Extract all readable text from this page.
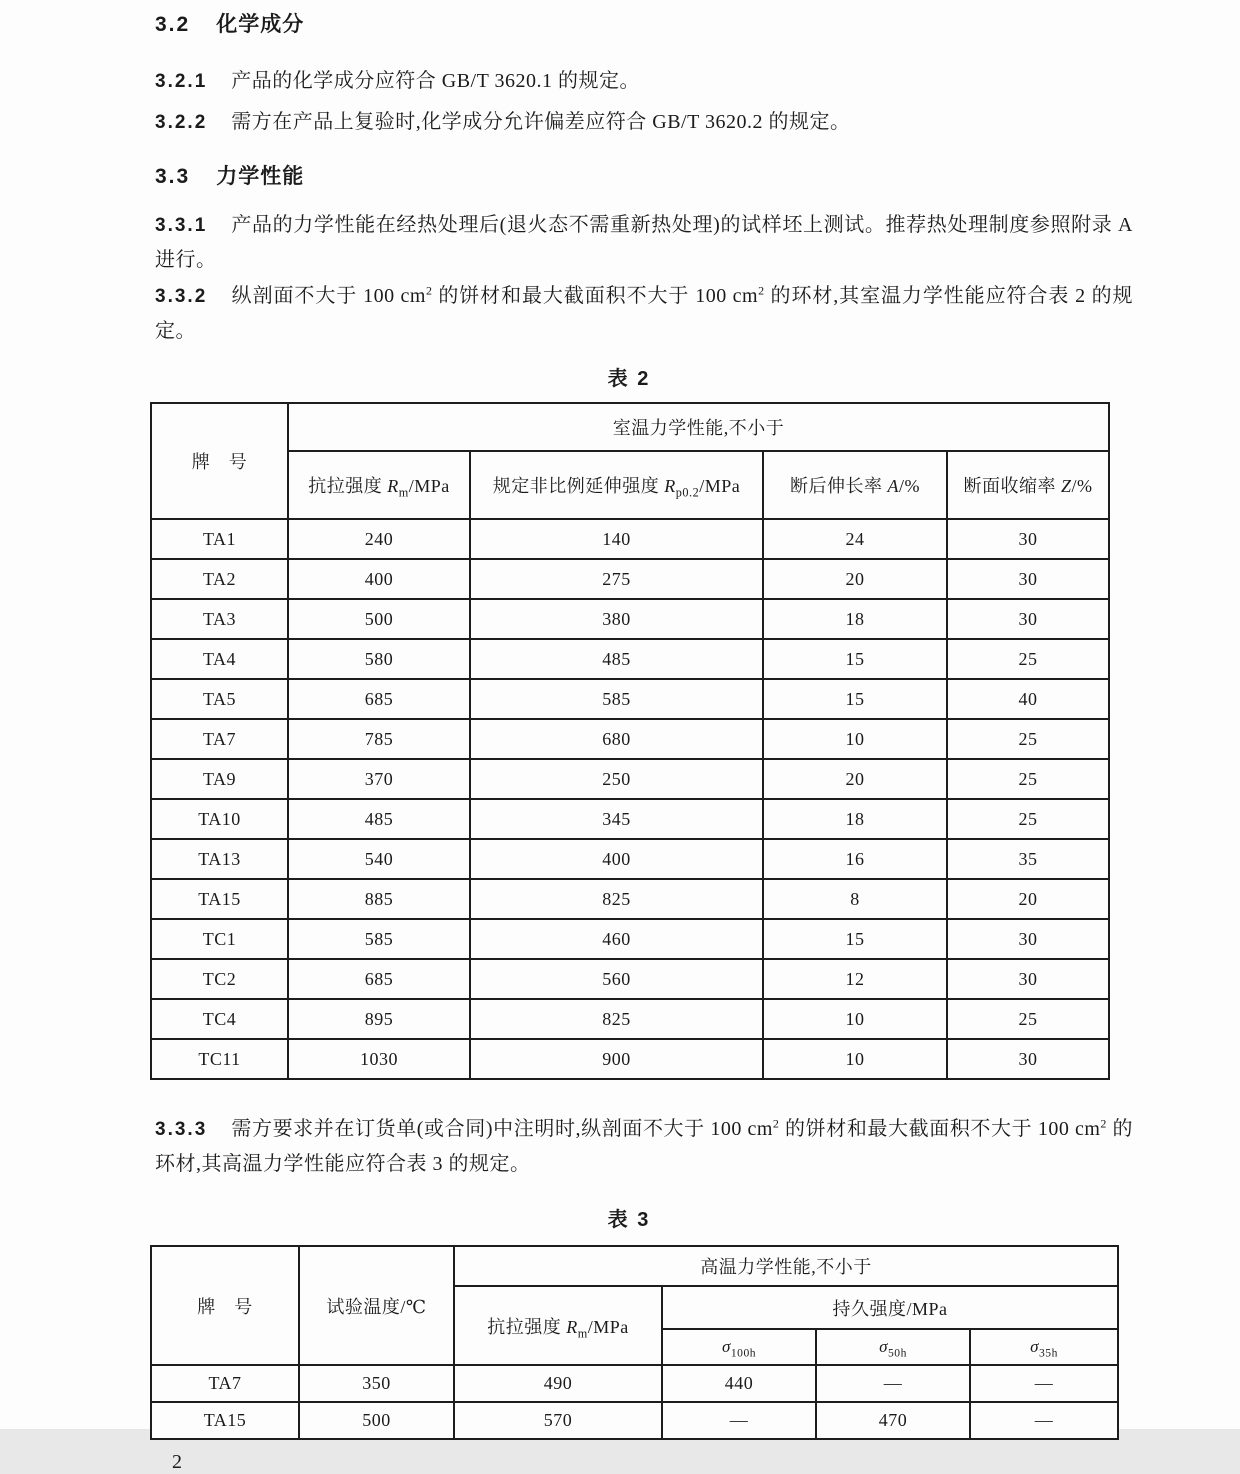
3.2 化学成分

3.2.1 产品的化学成分应符合 GB/T 3620.1 的规定。

3.2.2 需方在产品上复验时,化学成分允许偏差应符合 GB/T 3620.2 的规定。

3.3 力学性能

3.3.1 产品的力学性能在经热处理后(退火态不需重新热处理)的试样坯上测试。推荐热处理制度参照附录 A 进行。

3.3.2 纵剖面不大于 100 $cm^2$ 的饼材和最大截面积不大于 100 $cm^2$ 的环材,其室温力学性能应符合表 2 的规定。

表 2
牌　号	室温力学性能,不小于			
	抗拉强度 $R_m$/MPa	规定非比例延伸强度 $R_{p0.2}$/MPa	断后伸长率 A/%	断面收缩率 Z/%
TA1	240	140	24	30
TA2	400	275	20	30
TA3	500	380	18	30
TA4	580	485	15	25
TA5	685	585	15	40
TA7	785	680	10	25
TA9	370	250	20	25
TA10	485	345	18	25
TA13	540	400	16	35
TA15	885	825	8	20
TC1	585	460	15	30
TC2	685	560	12	30
TC4	895	825	10	25
TC11	1030	900	10	30

3.3.3 需方要求并在订货单(或合同)中注明时,纵剖面不大于 100 $cm^2$ 的饼材和最大截面积不大于 100 $cm^2$ 的环材,其高温力学性能应符合表 3 的规定。

表 3
牌　号	试验温度/℃	高温力学性能,不小于			
		抗拉强度 $R_m$/MPa	持久强度/MPa		
			$\sigma_{100h}$	$\sigma_{50h}$	$\sigma_{35h}$
TA7	350	490	440	—	—
TA15	500	570	—	470	—
2
